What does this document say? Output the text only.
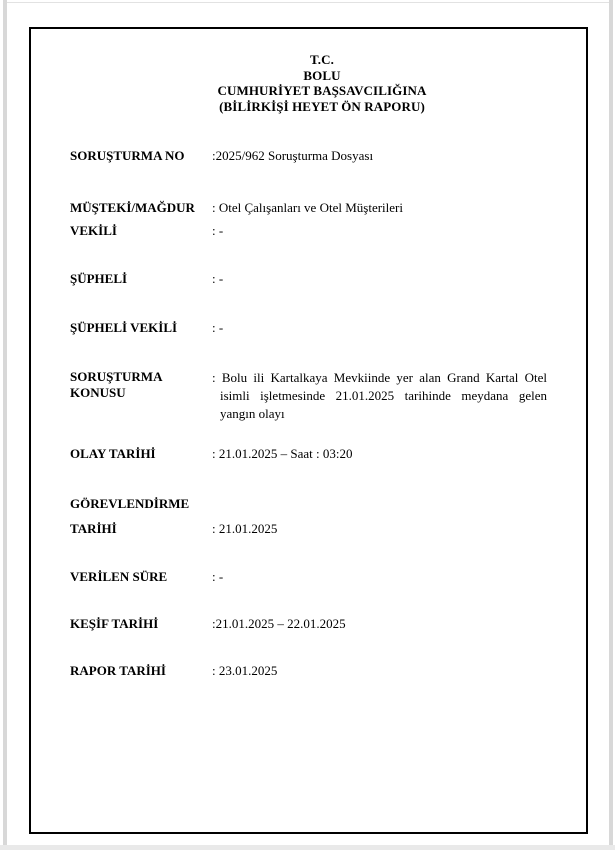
T.C.
BOLU
CUMHURİYET BAŞSAVCILIĞINA
(BİLİRKİŞİ HEYET ÖN RAPORU)
SORUŞTURMA NO :2025/962 Soruşturma Dosyası
MÜŞTEKİ/MAĞDUR : Otel Çalışanları ve Otel Müşterileri
VEKİLİ	: -
ŞÜPHELİ	: -
ŞÜPHELİ VEKİLİ	: -
SORUŞTURMA KONUSU: Bolu ili Kartalkaya Mevkiinde yer alan Grand Kartal Otel isimli işletmesinde 21.01.2025 tarihinde meydana gelen yangın olayı
OLAY TARİHİ	: 21.01.2025 – Saat : 03:20
GÖREVLENDİRME
TARİHİ	: 21.01.2025
VERİLEN SÜRE	: -
KEŞİF TARİHİ	:21.01.2025 – 22.01.2025
RAPOR TARİHİ	: 23.01.2025
